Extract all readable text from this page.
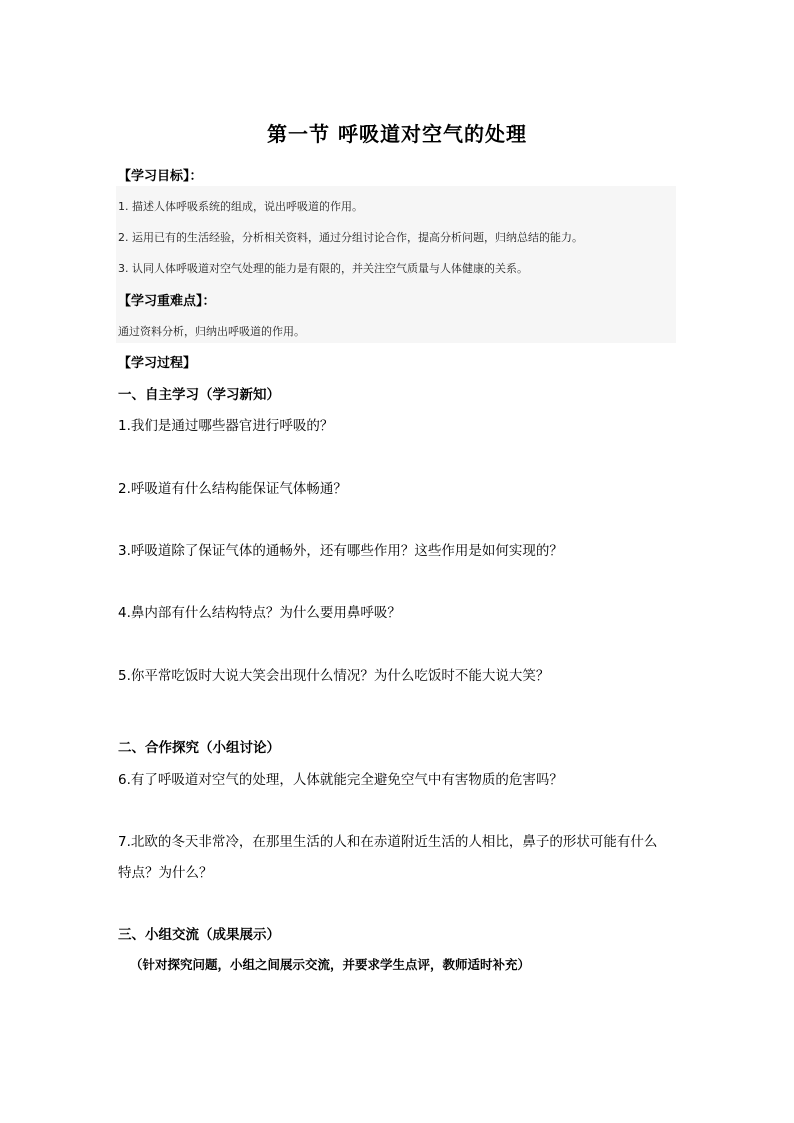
第一节 呼吸道对空气的处理
【学习目标】：
1. 描述人体呼吸系统的组成，说出呼吸道的作用。
2. 运用已有的生活经验，分析相关资料，通过分组讨论合作，提高分析问题，归纳总结的能力。
3. 认同人体呼吸道对空气处理的能力是有限的，并关注空气质量与人体健康的关系。
【学习重难点】：
通过资料分析，归纳出呼吸道的作用。
【学习过程】
一、自主学习（学习新知）
1.我们是通过哪些器官进行呼吸的？
2.呼吸道有什么结构能保证气体畅通？
3.呼吸道除了保证气体的通畅外，还有哪些作用？这些作用是如何实现的？
4.鼻内部有什么结构特点？为什么要用鼻呼吸？
5.你平常吃饭时大说大笑会出现什么情况？为什么吃饭时不能大说大笑？
二、合作探究（小组讨论）
6.有了呼吸道对空气的处理，人体就能完全避免空气中有害物质的危害吗？
7.北欧的冬天非常冷，在那里生活的人和在赤道附近生活的人相比，鼻子的形状可能有什么
特点？为什么？
三、小组交流（成果展示）
（针对探究问题，小组之间展示交流，并要求学生点评，教师适时补充）
